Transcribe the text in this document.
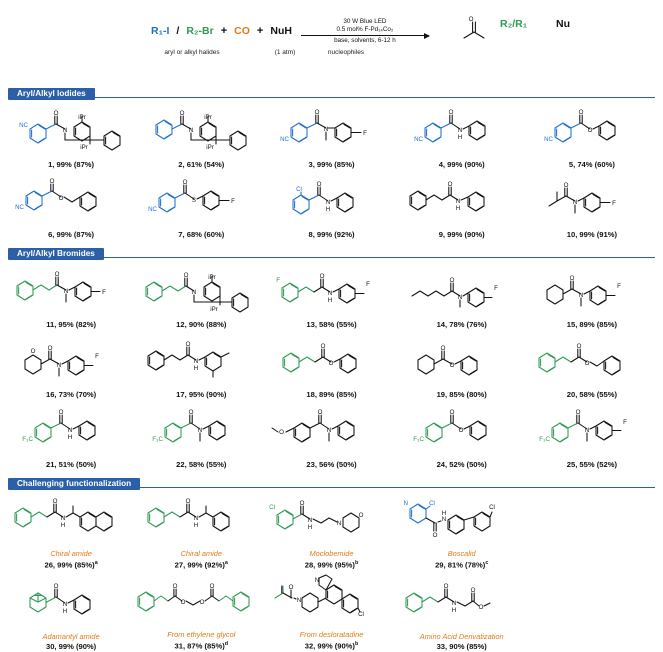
R₁-I / R₂-Br + CO + NuH
30 W Blue LED
0.5 mol% F-Pd₁₄Co₂
base, solvents, 6-12 h
O
aryl or alkyl halides	(1 atm)	nucleophiles

R₂/R₁	Nu
Aryl/Alkyl Iodides
NC
O
N
iPr
iPr
1, 99% (87%)
O
N
iPr
iPr
2, 61% (54%)
NC
O
N
F
3, 99% (85%)
NC
O
N
H
4, 99% (90%)
NC
O
O
5, 74% (60%)
NC
O
O
6, 99% (87%)
NC
O
S	F
7, 68% (60%)
Cl
O
N
H
8, 99% (92%)
O
N
H
9, 99% (90%)
O
N	F
10, 99% (91%)
Aryl/Alkyl Bromides
O
N	F
11, 95% (82%)
O
N
iPr
iPr
12, 90% (88%)
F
O
N
H
F
13, 58% (55%)
O
N
F
14, 78% (76%)
O
N
F
15, 89% (85%)
O O
N
F
16, 73% (70%)
O
N
H
17, 95% (90%)
O
O
18, 89% (85%)
O
O
19, 85% (80%)
O
O
20, 58% (55%)
F₃C
O
N
H
21, 51% (50%)
F₃C
O
N
22, 58% (55%)
O
O
N
23, 56% (50%)
F₃C
O
O
24, 52% (50%)
F₃C
O
N
F
25, 55% (52%)
Challenging functionalization
O
N
H
Chiral amide
26, 99% $(85\%)^a$
O
N
H
Chiral amide
27, 99% $(92\%)^a$
Cl
O
N
H
N
O
Moclobemide
28, 99% $(95\%)^b$
N	Cl
O
N
H
Cl
Boscalid
29, 81% $(78\%)^c$
O
N
H
Adamantyl amide
30, 99% (90%)
O
O O
O
From ethylene glycol
31, 87% $(85\%)^d$
O
N
Cl
N
From desloratadine
32, 99% $(90\%)^b$
O
N
H
O
O
Amino Acid Derivatization
33, 90% (85%)
